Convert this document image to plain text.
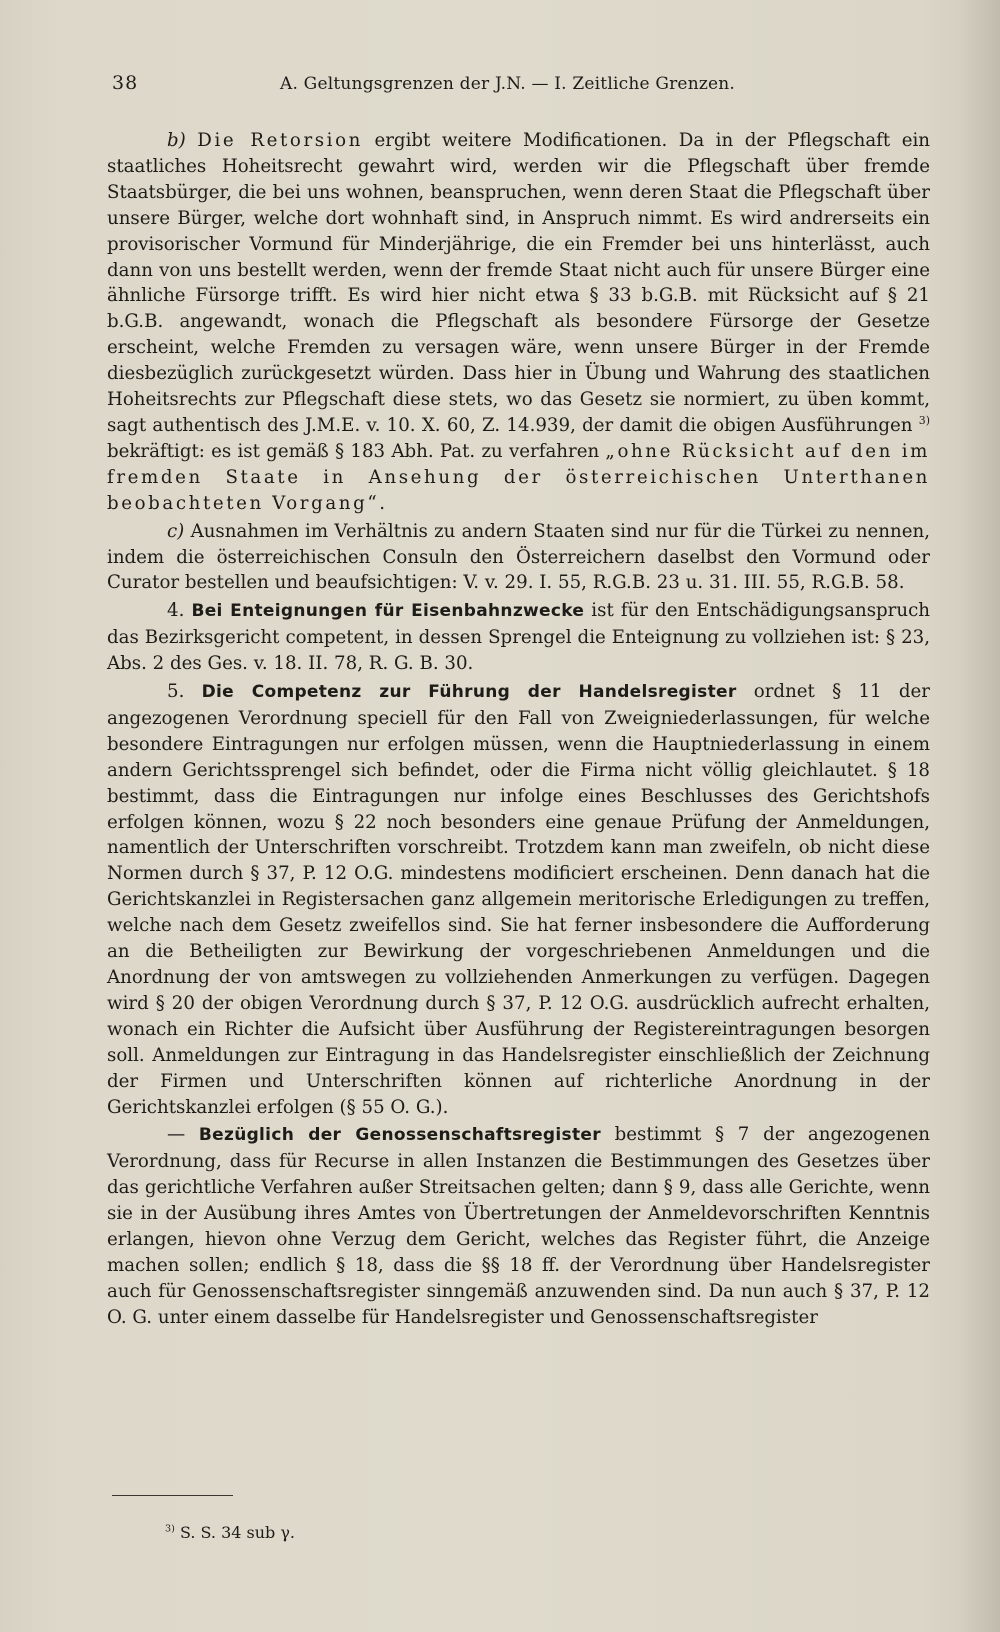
38	A. Geltungsgrenzen der J.N. — I. Zeitliche Grenzen.

b) Die Retorsion ergibt weitere Modificationen. Da in der Pflegschaft ein staatliches Hoheitsrecht gewahrt wird, werden wir die Pflegschaft über fremde Staatsbürger, die bei uns wohnen, beanspruchen, wenn deren Staat die Pflegschaft über unsere Bürger, welche dort wohnhaft sind, in Anspruch nimmt. Es wird andrerseits ein provisorischer Vormund für Minderjährige, die ein Fremder bei uns hinterlässt, auch dann von uns bestellt werden, wenn der fremde Staat nicht auch für unsere Bürger eine ähnliche Fürsorge trifft. Es wird hier nicht etwa § 33 b.G.B. mit Rücksicht auf § 21 b.G.B. angewandt, wonach die Pflegschaft als besondere Fürsorge der Gesetze erscheint, welche Fremden zu versagen wäre, wenn unsere Bürger in der Fremde diesbezüglich zurückgesetzt würden. Dass hier in Übung und Wahrung des staatlichen Hoheitsrechts zur Pflegschaft diese stets, wo das Gesetz sie normiert, zu üben kommt, sagt authentisch des J.M.E. v. 10. X. 60, Z. 14.939, der damit die obigen Ausführungen $^{3)}$ bekräftigt: es ist gemäß § 183 Abh. Pat. zu verfahren „ohne Rücksicht auf den im fremden Staate in Ansehung der österreichischen Unterthanen beobachteten Vorgang“.

c) Ausnahmen im Verhältnis zu andern Staaten sind nur für die Türkei zu nennen, indem die österreichischen Consuln den Österreichern daselbst den Vormund oder Curator bestellen und beaufsichtigen: V. v. 29. I. 55, R.G.B. 23 u. 31. III. 55, R.G.B. 58.

4. Bei Enteignungen für Eisenbahnzwecke ist für den Entschädigungsanspruch das Bezirksgericht competent, in dessen Sprengel die Enteignung zu vollziehen ist: § 23, Abs. 2 des Ges. v. 18. II. 78, R. G. B. 30.

5. Die Competenz zur Führung der Handelsregister ordnet § 11 der angezogenen Verordnung speciell für den Fall von Zweigniederlassungen, für welche besondere Eintragungen nur erfolgen müssen, wenn die Hauptniederlassung in einem andern Gerichtssprengel sich befindet, oder die Firma nicht völlig gleichlautet. § 18 bestimmt, dass die Eintragungen nur infolge eines Beschlusses des Gerichtshofs erfolgen können, wozu § 22 noch besonders eine genaue Prüfung der Anmeldungen, namentlich der Unterschriften vorschreibt. Trotzdem kann man zweifeln, ob nicht diese Normen durch § 37, P. 12 O.G. mindestens modificiert erscheinen. Denn danach hat die Gerichtskanzlei in Registersachen ganz allgemein meritorische Erledigungen zu treffen, welche nach dem Gesetz zweifellos sind. Sie hat ferner insbesondere die Aufforderung an die Betheiligten zur Bewirkung der vorgeschriebenen Anmeldungen und die Anordnung der von amtswegen zu vollziehenden Anmerkungen zu verfügen. Dagegen wird § 20 der obigen Verordnung durch § 37, P. 12 O.G. ausdrücklich aufrecht erhalten, wonach ein Richter die Aufsicht über Ausführung der Registereintragungen besorgen soll. Anmeldungen zur Eintragung in das Handelsregister einschließlich der Zeichnung der Firmen und Unterschriften können auf richterliche Anordnung in der Gerichtskanzlei erfolgen (§ 55 O. G.).

— Bezüglich der Genossenschaftsregister bestimmt § 7 der angezogenen Verordnung, dass für Recurse in allen Instanzen die Bestimmungen des Gesetzes über das gerichtliche Verfahren außer Streitsachen gelten; dann § 9, dass alle Gerichte, wenn sie in der Ausübung ihres Amtes von Übertretungen der Anmeldevorschriften Kenntnis erlangen, hievon ohne Verzug dem Gericht, welches das Register führt, die Anzeige machen sollen; endlich § 18, dass die §§ 18 ff. der Verordnung über Handelsregister auch für Genossenschaftsregister sinngemäß anzuwenden sind. Da nun auch § 37, P. 12 O. G. unter einem dasselbe für Handelsregister und Genossenschaftsregister

$^{3)}$ S. S. 34 sub γ.
